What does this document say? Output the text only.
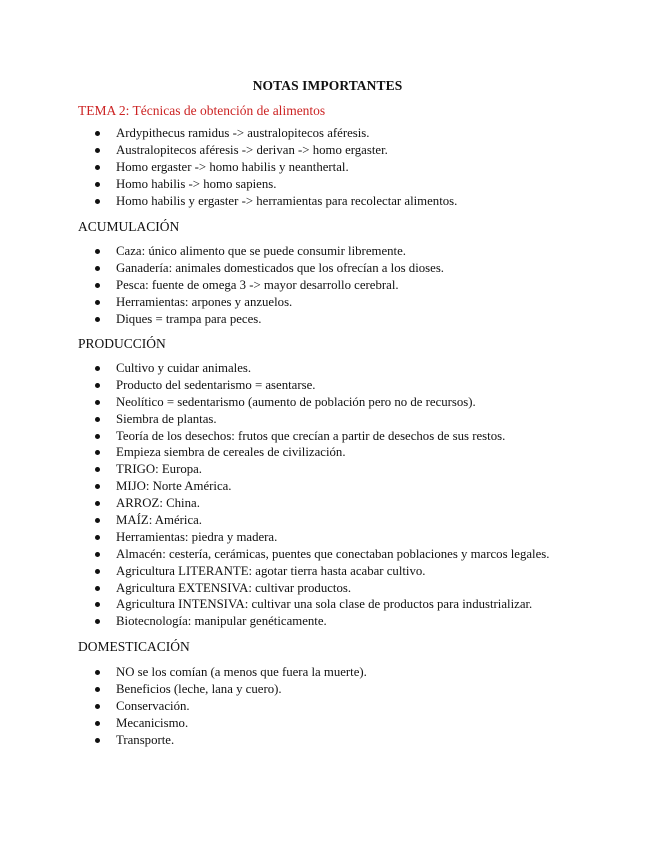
NOTAS IMPORTANTES
TEMA 2: Técnicas de obtención de alimentos
Ardypithecus ramidus -> australopitecos aféresis.
Australopitecos aféresis -> derivan -> homo ergaster.
Homo ergaster -> homo habilis y neanthertal.
Homo habilis -> homo sapiens.
Homo habilis y ergaster -> herramientas para recolectar alimentos.
ACUMULACIÓN
Caza: único alimento que se puede consumir libremente.
Ganadería: animales domesticados que los ofrecían a los dioses.
Pesca: fuente de omega 3 -> mayor desarrollo cerebral.
Herramientas: arpones y anzuelos.
Diques = trampa para peces.
PRODUCCIÓN
Cultivo y cuidar animales.
Producto del sedentarismo = asentarse.
Neolítico = sedentarismo (aumento de población pero no de recursos).
Siembra de plantas.
Teoría de los desechos: frutos que crecían a partir de desechos de sus restos.
Empieza siembra de cereales de civilización.
TRIGO: Europa.
MIJO: Norte América.
ARROZ: China.
MAÍZ: América.
Herramientas: piedra y madera.
Almacén: cestería, cerámicas, puentes que conectaban poblaciones y marcos legales.
Agricultura LITERANTE: agotar tierra hasta acabar cultivo.
Agricultura EXTENSIVA: cultivar productos.
Agricultura INTENSIVA: cultivar una sola clase de productos para industrializar.
Biotecnología: manipular genéticamente.
DOMESTICACIÓN
NO se los comían (a menos que fuera la muerte).
Beneficios (leche, lana y cuero).
Conservación.
Mecanicismo.
Transporte.
